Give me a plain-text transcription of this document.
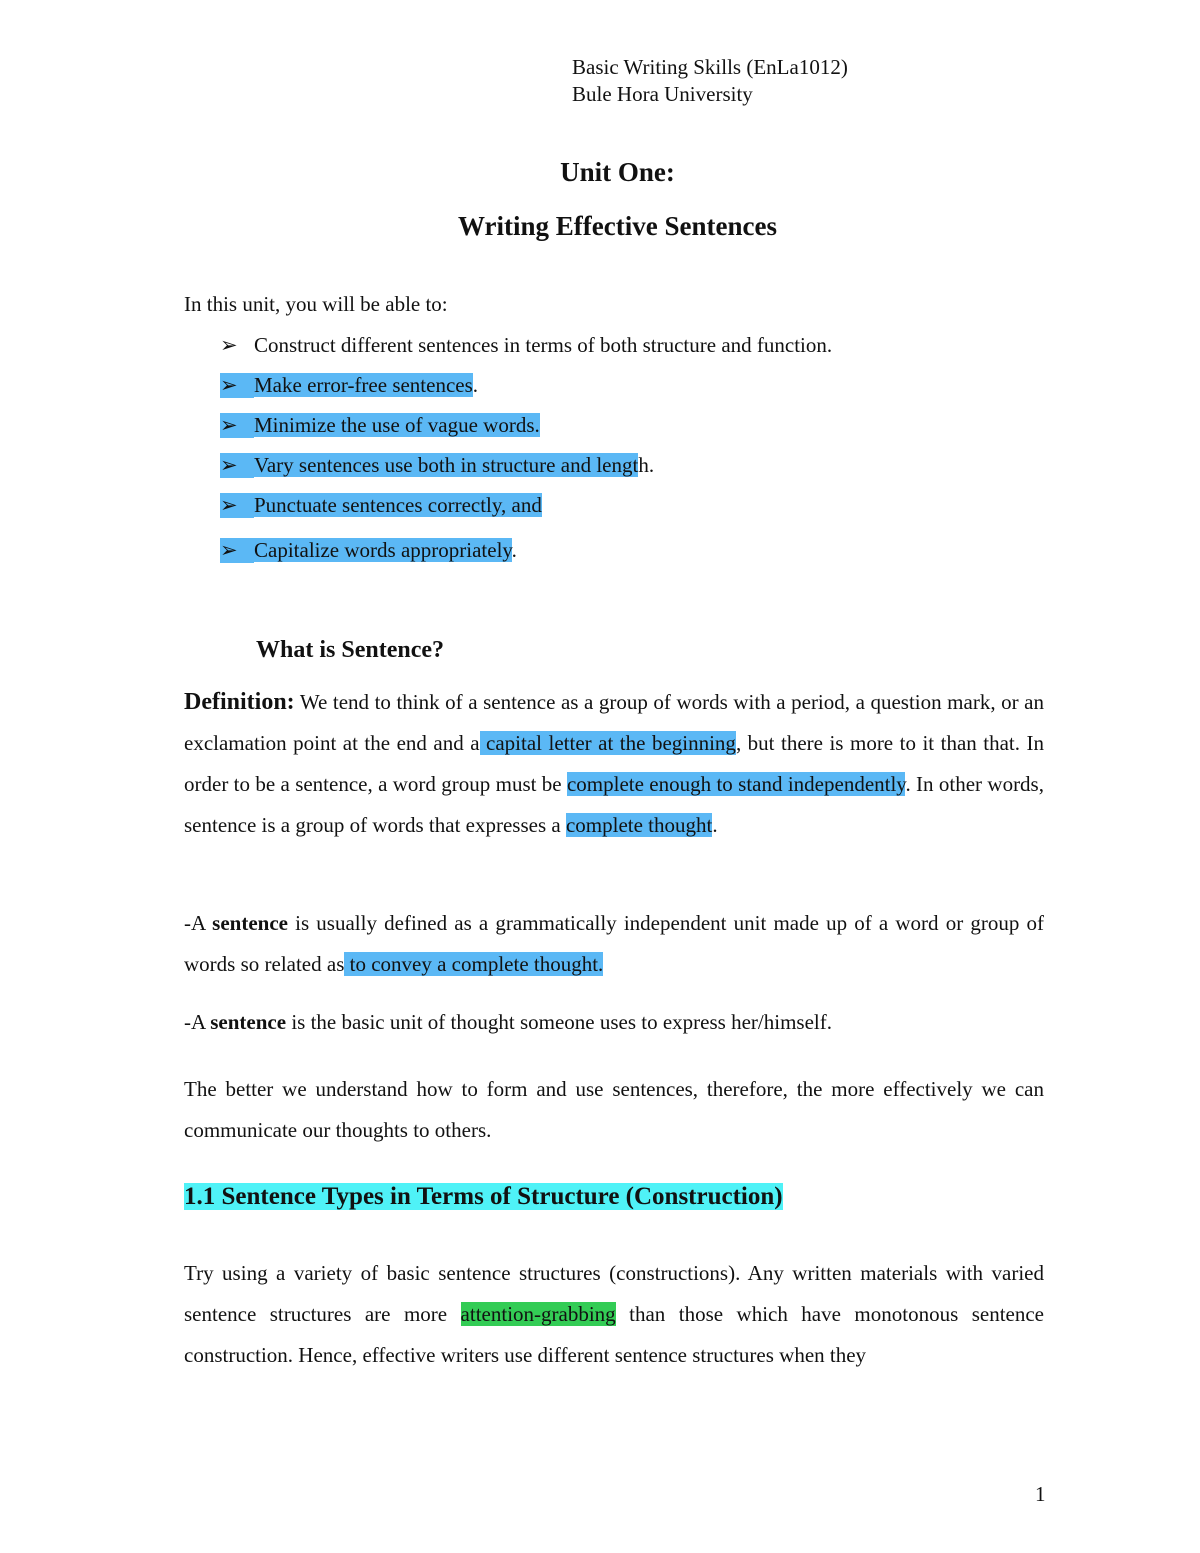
Basic Writing Skills (EnLa1012)
Bule Hora University
Unit One:
Writing Effective Sentences
In this unit, you will be able to:
➢ Construct different sentences in terms of both structure and function.
➢ Make error-free sentences.
➢ Minimize the use of vague words.
➢ Vary sentences use both in structure and length.
➢ Punctuate sentences correctly, and
➢ Capitalize words appropriately.
What is Sentence?
Definition: We tend to think of a sentence as a group of words with a period, a question mark, or an exclamation point at the end and a capital letter at the beginning, but there is more to it than that. In order to be a sentence, a word group must be complete enough to stand independently. In other words, sentence is a group of words that expresses a complete thought.
-A sentence is usually defined as a grammatically independent unit made up of a word or group of words so related as to convey a complete thought.
-A sentence is the basic unit of thought someone uses to express her/himself.
The better we understand how to form and use sentences, therefore, the more effectively we can communicate our thoughts to others.
1.1 Sentence Types in Terms of Structure (Construction)
Try using a variety of basic sentence structures (constructions). Any written materials with varied sentence structures are more attention-grabbing than those which have monotonous sentence construction. Hence, effective writers use different sentence structures when they
1
